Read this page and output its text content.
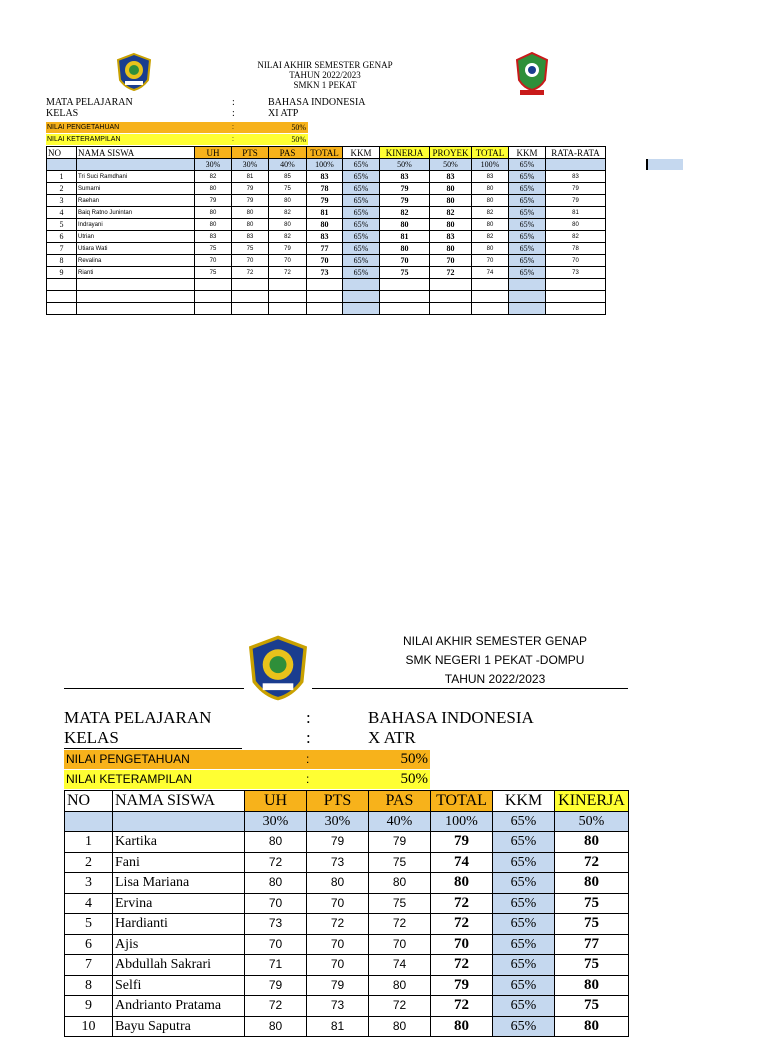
NILAI AKHIR SEMESTER GENAP
TAHUN 2022/2023
SMKN 1 PEKAT
MATA PELAJARAN	:	BAHASA INDONESIA
KELAS	:	XI ATP
NILAI PENGETAHUAN	:	50%
NILAI KETERAMPILAN	:	50%
NO	NAMA SISWA	UH	PTS	PAS	TOTAL	KKM	KINERJA	PROYEK	TOTAL	KKM	RATA-RATA
		30%	30%	40%	100%	65%	50%	50%	100%	65%	
1	Tri Suci Ramdhani	82	81	85	83	65%	83	83	83	65%	83
2	Sumarni	80	79	75	78	65%	79	80	80	65%	79
3	Raehan	79	79	80	79	65%	79	80	80	65%	79
4	Baiq Ratno Junintan	80	80	82	81	65%	82	82	82	65%	81
5	Indrayani	80	80	80	80	65%	80	80	80	65%	80
6	Utrian	83	83	82	83	65%	81	83	82	65%	82
7	Utiara Wati	75	75	79	77	65%	80	80	80	65%	78
8	Revalina	70	70	70	70	65%	70	70	70	65%	70
9	Rianti	75	72	72	73	65%	75	72	74	65%	73

NILAI AKHIR SEMESTER GENAP
SMK NEGERI 1 PEKAT -DOMPU
TAHUN 2022/2023
MATA PELAJARAN	:	BAHASA INDONESIA
KELAS	:	X ATR
NILAI PENGETAHUAN	:	50%
NILAI KETERAMPILAN	:	50%
NO	NAMA SISWA	UH	PTS	PAS	TOTAL	KKM	KINERJA
		30%	30%	40%	100%	65%	50%
1	Kartika	80	79	79	79	65%	80
2	Fani	72	73	75	74	65%	72
3	Lisa Mariana	80	80	80	80	65%	80
4	Ervina	70	70	75	72	65%	75
5	Hardianti	73	72	72	72	65%	75
6	Ajis	70	70	70	70	65%	77
7	Abdullah Sakrari	71	70	74	72	65%	75
8	Selfi	79	79	80	79	65%	80
9	Andrianto Pratama	72	73	72	72	65%	75
10	Bayu Saputra	80	81	80	80	65%	80
